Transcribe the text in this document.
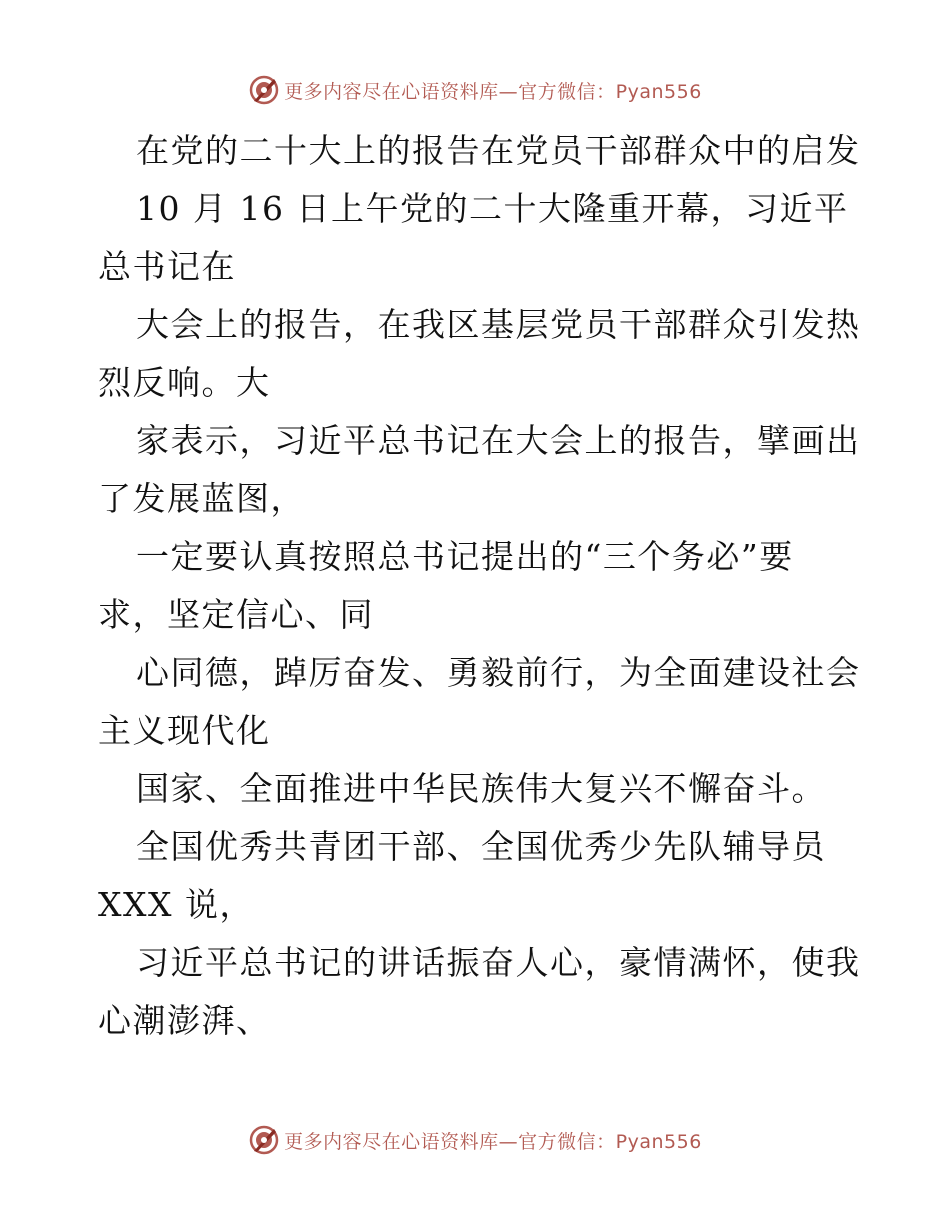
更多内容尽在心语资料库—官方微信：Pyan556
在党的二十大上的报告在党员干部群众中的启发
10 月 16 日上午党的二十大隆重开幕，习近平
总书记在
大会上的报告，在我区基层党员干部群众引发热
烈反响。大
家表示，习近平总书记在大会上的报告，擘画出
了发展蓝图，
一定要认真按照总书记提出的“三个务必”要
求，坚定信心、同
心同德，踔厉奋发、勇毅前行，为全面建设社会
主义现代化
国家、全面推进中华民族伟大复兴不懈奋斗。
全国优秀共青团干部、全国优秀少先队辅导员
XXX 说，
习近平总书记的讲话振奋人心，豪情满怀，使我
心潮澎湃、
更多内容尽在心语资料库—官方微信：Pyan556
